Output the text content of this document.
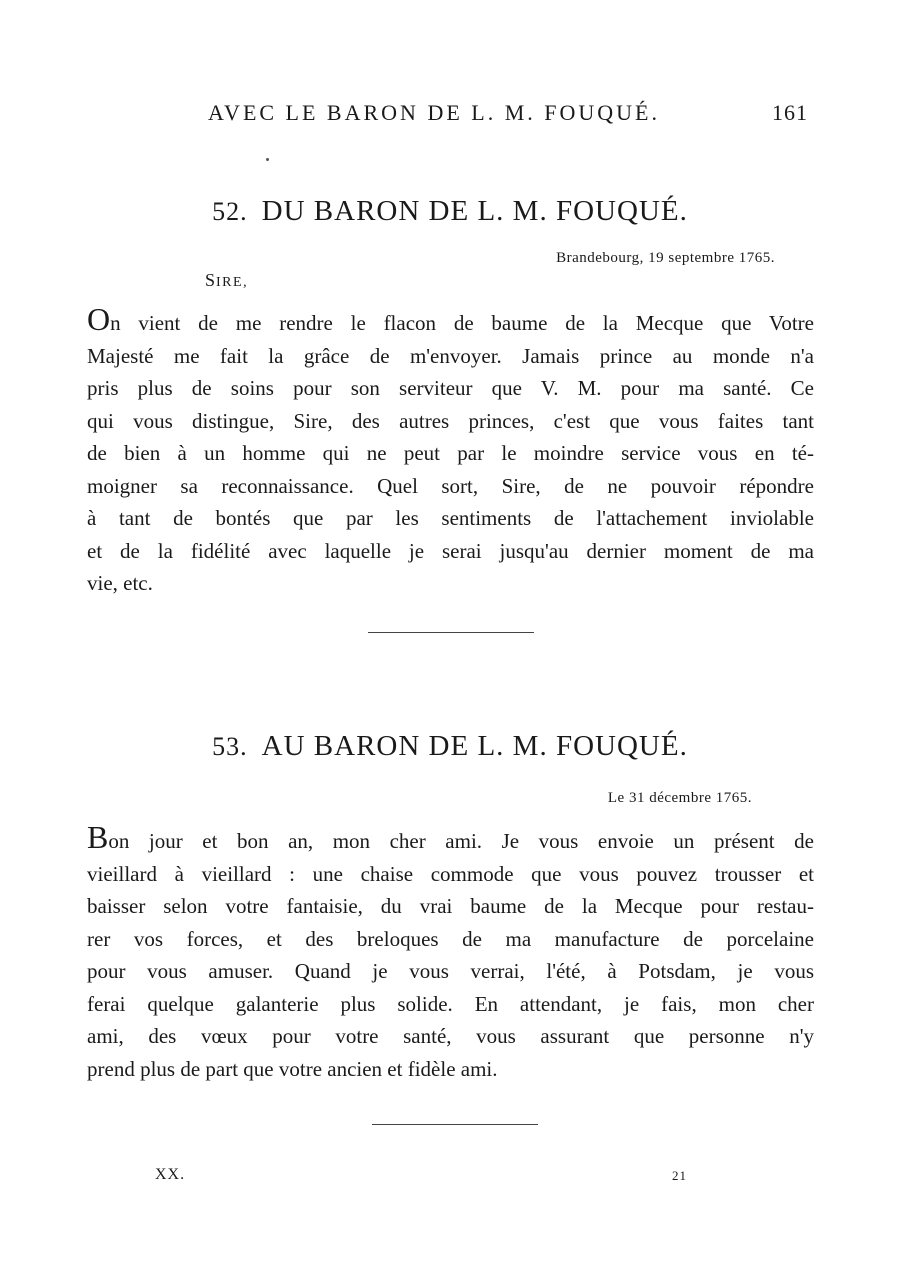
AVEC LE BARON DE L. M. FOUQUÉ.	161
52. DU BARON DE L. M. FOUQUÉ.
Brandebourg, 19 septembre 1765.
SIRE,
On vient de me rendre le flacon de baume de la Mecque que Votre
Majesté me fait la grâce de m'envoyer. Jamais prince au monde n'a
pris plus de soins pour son serviteur que V. M. pour ma santé. Ce
qui vous distingue, Sire, des autres princes, c'est que vous faites tant
de bien à un homme qui ne peut par le moindre service vous en té-
moigner sa reconnaissance. Quel sort, Sire, de ne pouvoir répondre
à tant de bontés que par les sentiments de l'attachement inviolable
et de la fidélité avec laquelle je serai jusqu'au dernier moment de ma
vie, etc.
53. AU BARON DE L. M. FOUQUÉ.
Le 31 décembre 1765.
Bon jour et bon an, mon cher ami. Je vous envoie un présent de
vieillard à vieillard : une chaise commode que vous pouvez trousser et
baisser selon votre fantaisie, du vrai baume de la Mecque pour restau-
rer vos forces, et des breloques de ma manufacture de porcelaine
pour vous amuser. Quand je vous verrai, l'été, à Potsdam, je vous
ferai quelque galanterie plus solide. En attendant, je fais, mon cher
ami, des vœux pour votre santé, vous assurant que personne n'y
prend plus de part que votre ancien et fidèle ami.
XX.	21
